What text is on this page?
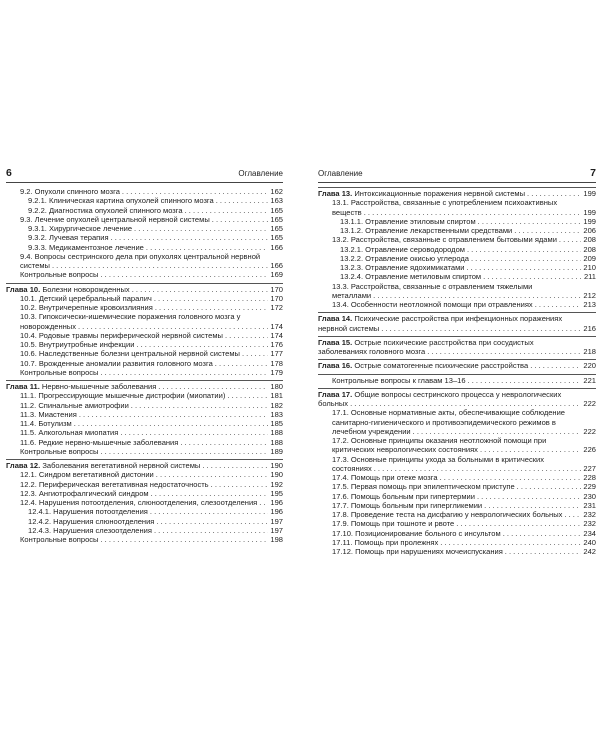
6	Оглавление
9.2. Опухоли спинного мозга . . .	162
9.2.1. Клиническая картина опухолей спинного мозга . . .	163
9.2.2. Диагностика опухолей спинного мозга . . .	165
9.3. Лечение опухолей центральной нервной системы . . .	165
9.3.1. Хирургическое лечение . . .	165
9.3.2. Лучевая терапия . . .	165
9.3.3. Медикаментозное лечение . . .	166
9.4. Вопросы сестринского дела при опухолях центральной нервной системы . . .	166
Контрольные вопросы . . .	169
Глава 10. Болезни новорожденных . . .	170
10.1. Детский церебральный паралич . . .	170
10.2. Внутричерепные кровоизлияния . . .	172
10.3. Гипоксически-ишемические поражения головного мозга у новорожденных . . .	174
10.4. Родовые травмы периферической нервной системы . . .	174
10.5. Внутриутробные инфекции . . .	176
10.6. Наследственные болезни центральной нервной системы . . .	177
10.7. Врожденные аномалии развития головного мозга . . .	178
Контрольные вопросы . . .	179
Глава 11. Нервно-мышечные заболевания . . .	180
11.1. Прогрессирующие мышечные дистрофии (миопатии) . . .	181
11.2. Спинальные амиотрофии . . .	182
11.3. Миастения . . .	183
11.4. Ботулизм . . .	185
11.5. Алкогольная миопатия . . .	188
11.6. Редкие нервно-мышечные заболевания . . .	188
Контрольные вопросы . . .	189
Глава 12. Заболевания вегетативной нервной системы . . .	190
12.1. Синдром вегетативной дистонии . . .	190
12.2. Периферическая вегетативная недостаточность . . .	192
12.3. Ангиотрофалгический синдром . . .	195
12.4. Нарушения потоотделения, слюноотделения, слезоотделения . . .	196
12.4.1. Нарушения потоотделения . . .	196
12.4.2. Нарушения слюноотделения . . .	197
12.4.3. Нарушения слезоотделения . . .	197
Контрольные вопросы . . .	198
Оглавление	7
Глава 13. Интоксикационные поражения нервной системы . . .	199
13.1. Расстройства, связанные с употреблением психоактивных веществ . . .	199
13.1.1. Отравление этиловым спиртом . . .	199
13.1.2. Отравление лекарственными средствами . . .	206
13.2. Расстройства, связанные с отравлением бытовыми ядами . . .	208
13.2.1. Отравление сероводородом . . .	208
13.2.2. Отравление окисью углерода . . .	209
13.2.3. Отравление ядохимикатами . . .	210
13.2.4. Отравление метиловым спиртом . . .	211
13.3. Расстройства, связанные с отравлением тяжелыми металлами . . .	212
13.4. Особенности неотложной помощи при отравлениях . . .	213
Глава 14. Психические расстройства при инфекционных поражениях нервной системы . . .	216
Глава 15. Острые психические расстройства при сосудистых заболеваниях головного мозга . . .	218
Глава 16. Острые соматогенные психические расстройства . . .	220
Контрольные вопросы к главам 13–16 . . .	221
Глава 17. Общие вопросы сестринского процесса у неврологических больных . . .	222
17.1. Основные нормативные акты, обеспечивающие соблюдение санитарно-гигиенического и противоэпидемического режимов в лечебном учреждении . . .	222
17.2. Основные принципы оказания неотложной помощи при критических неврологических состояниях . . .	226
17.3. Основные принципы ухода за больными в критических состояниях . . .	227
17.4. Помощь при отеке мозга . . .	228
17.5. Первая помощь при эпилептическом приступе . . .	229
17.6. Помощь больным при гипертермии . . .	230
17.7. Помощь больным при гипергликемии . . .	231
17.8. Проведение теста на дисфагию у неврологических больных . . .	232
17.9. Помощь при тошноте и рвоте . . .	232
17.10. Позиционирование больного с инсультом . . .	234
17.11. Помощь при пролежнях . . .	240
17.12. Помощь при нарушениях мочеиспускания . . .	242
